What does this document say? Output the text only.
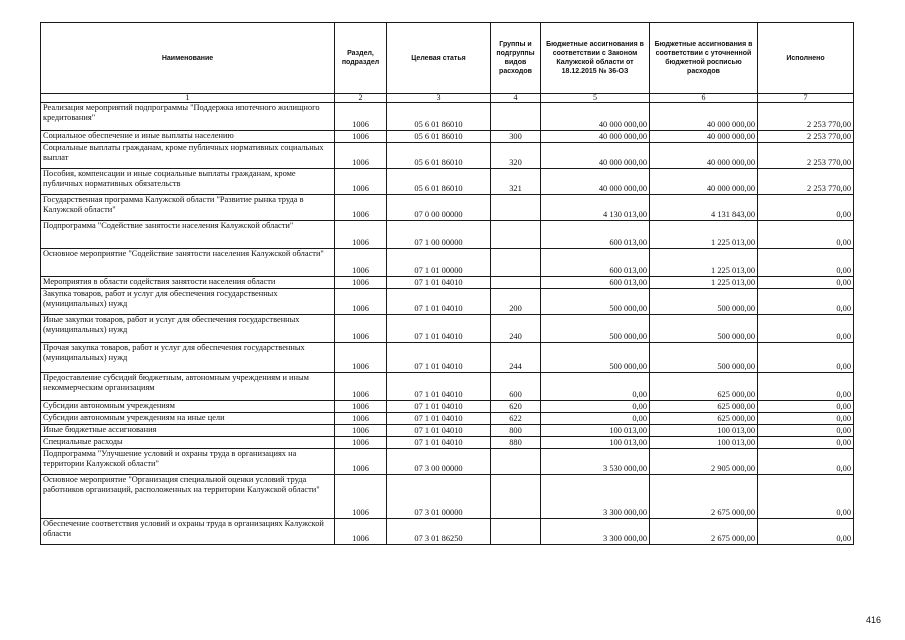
Наименование	Раздел, подраздел	Целевая статья	Группы и подгруппы видов расходов	Бюджетные ассигнования в соответствии с Законом Калужской области от 18.12.2015 № 36-ОЗ	Бюджетные ассигнования в соответствии с уточненной бюджетной росписью расходов	Исполнено
1	2	3	4	5	6	7
Реализация мероприятий подпрограммы "Поддержка ипотечного жилищного кредитования"	1006	05 6 01 86010		40 000 000,00	40 000 000,00	2 253 770,00
Социальное обеспечение и иные выплаты населению	1006	05 6 01 86010	300	40 000 000,00	40 000 000,00	2 253 770,00
Социальные выплаты гражданам, кроме публичных нормативных социальных выплат	1006	05 6 01 86010	320	40 000 000,00	40 000 000,00	2 253 770,00
Пособия, компенсации и иные социальные выплаты гражданам, кроме публичных нормативных обязательств	1006	05 6 01 86010	321	40 000 000,00	40 000 000,00	2 253 770,00
Государственная программа Калужской области "Развитие рынка труда в Калужской области"	1006	07 0 00 00000		4 130 013,00	4 131 843,00	0,00
Подпрограмма "Содействие занятости населения Калужской области"	1006	07 1 00 00000		600 013,00	1 225 013,00	0,00
Основное мероприятие "Содействие занятости населения Калужской области"	1006	07 1 01 00000		600 013,00	1 225 013,00	0,00
Мероприятия в области содействия занятости населения области	1006	07 1 01 04010		600 013,00	1 225 013,00	0,00
Закупка товаров, работ и услуг для обеспечения государственных (муниципальных) нужд	1006	07 1 01 04010	200	500 000,00	500 000,00	0,00
Иные закупки товаров, работ и услуг для обеспечения государственных (муниципальных) нужд	1006	07 1 01 04010	240	500 000,00	500 000,00	0,00
Прочая закупка товаров, работ и услуг для обеспечения государственных (муниципальных) нужд	1006	07 1 01 04010	244	500 000,00	500 000,00	0,00
Предоставление субсидий бюджетным, автономным учреждениям и иным некоммерческим организациям	1006	07 1 01 04010	600	0,00	625 000,00	0,00
Субсидии автономным учреждениям	1006	07 1 01 04010	620	0,00	625 000,00	0,00
Субсидии автономным учреждениям на иные цели	1006	07 1 01 04010	622	0,00	625 000,00	0,00
Иные бюджетные ассигнования	1006	07 1 01 04010	800	100 013,00	100 013,00	0,00
Специальные расходы	1006	07 1 01 04010	880	100 013,00	100 013,00	0,00
Подпрограмма "Улучшение условий и охраны труда в организациях на территории Калужской области"	1006	07 3 00 00000		3 530 000,00	2 905 000,00	0,00
Основное мероприятие "Организация специальной оценки условий труда работников организаций, расположенных на территории Калужской области"	1006	07 3 01 00000		3 300 000,00	2 675 000,00	0,00
Обеспечение соответствия условий и охраны труда в организациях Калужской области	1006	07 3 01 86250		3 300 000,00	2 675 000,00	0,00
416
